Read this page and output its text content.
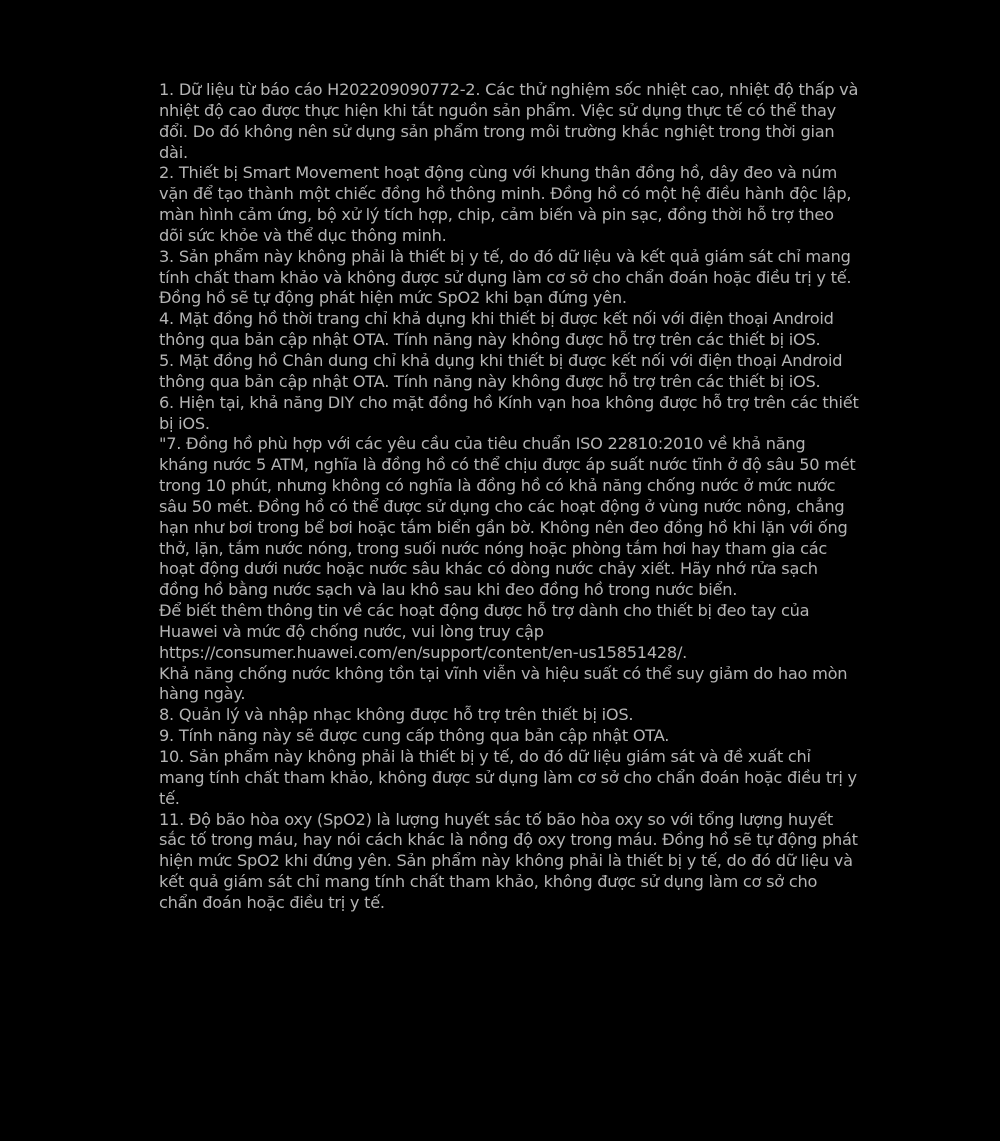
1. Dữ liệu từ báo cáo H202209090772-2. Các thử nghiệm sốc nhiệt cao, nhiệt độ thấp và nhiệt độ cao được thực hiện khi tắt nguồn sản phẩm. Việc sử dụng thực tế có thể thay đổi. Do đó không nên sử dụng sản phẩm trong môi trường khắc nghiệt trong thời gian dài.

2. Thiết bị Smart Movement hoạt động cùng với khung thân đồng hồ, dây đeo và núm vặn để tạo thành một chiếc đồng hồ thông minh. Đồng hồ có một hệ điều hành độc lập, màn hình cảm ứng, bộ xử lý tích hợp, chip, cảm biến và pin sạc, đồng thời hỗ trợ theo dõi sức khỏe và thể dục thông minh.

3. Sản phẩm này không phải là thiết bị y tế, do đó dữ liệu và kết quả giám sát chỉ mang tính chất tham khảo và không được sử dụng làm cơ sở cho chẩn đoán hoặc điều trị y tế. Đồng hồ sẽ tự động phát hiện mức SpO2 khi bạn đứng yên.

4. Mặt đồng hồ thời trang chỉ khả dụng khi thiết bị được kết nối với điện thoại Android thông qua bản cập nhật OTA. Tính năng này không được hỗ trợ trên các thiết bị iOS.

5. Mặt đồng hồ Chân dung chỉ khả dụng khi thiết bị được kết nối với điện thoại Android thông qua bản cập nhật OTA. Tính năng này không được hỗ trợ trên các thiết bị iOS.

6. Hiện tại, khả năng DIY cho mặt đồng hồ Kính vạn hoa không được hỗ trợ trên các thiết bị iOS.

"7. Đồng hồ phù hợp với các yêu cầu của tiêu chuẩn ISO 22810:2010 về khả năng kháng nước 5 ATM, nghĩa là đồng hồ có thể chịu được áp suất nước tĩnh ở độ sâu 50 mét trong 10 phút, nhưng không có nghĩa là đồng hồ có khả năng chống nước ở mức nước sâu 50 mét. Đồng hồ có thể được sử dụng cho các hoạt động ở vùng nước nông, chẳng hạn như bơi trong bể bơi hoặc tắm biển gần bờ. Không nên đeo đồng hồ khi lặn với ống thở, lặn, tắm nước nóng, trong suối nước nóng hoặc phòng tắm hơi hay tham gia các hoạt động dưới nước hoặc nước sâu khác có dòng nước chảy xiết. Hãy nhớ rửa sạch đồng hồ bằng nước sạch và lau khô sau khi đeo đồng hồ trong nước biển.

Để biết thêm thông tin về các hoạt động được hỗ trợ dành cho thiết bị đeo tay của Huawei và mức độ chống nước, vui lòng truy cập

https://consumer.huawei.com/en/support/content/en-us15851428/.

Khả năng chống nước không tồn tại vĩnh viễn và hiệu suất có thể suy giảm do hao mòn hàng ngày.

8. Quản lý và nhập nhạc không được hỗ trợ trên thiết bị iOS.

9. Tính năng này sẽ được cung cấp thông qua bản cập nhật OTA.

10. Sản phẩm này không phải là thiết bị y tế, do đó dữ liệu giám sát và đề xuất chỉ mang tính chất tham khảo, không được sử dụng làm cơ sở cho chẩn đoán hoặc điều trị y tế.

11. Độ bão hòa oxy (SpO2) là lượng huyết sắc tố bão hòa oxy so với tổng lượng huyết sắc tố trong máu, hay nói cách khác là nồng độ oxy trong máu. Đồng hồ sẽ tự động phát hiện mức SpO2 khi đứng yên. Sản phẩm này không phải là thiết bị y tế, do đó dữ liệu và kết quả giám sát chỉ mang tính chất tham khảo, không được sử dụng làm cơ sở cho chẩn đoán hoặc điều trị y tế.
